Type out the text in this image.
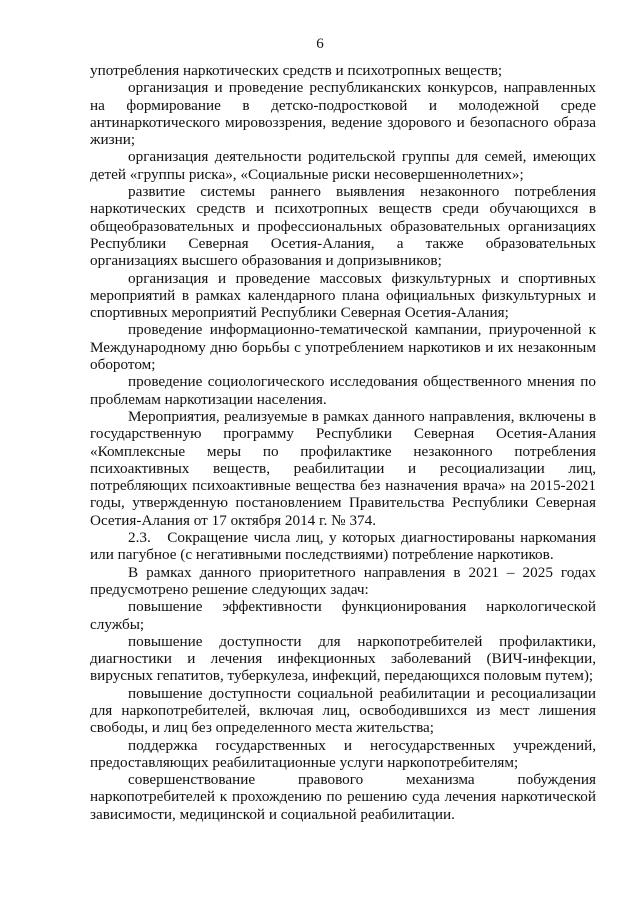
6

употребления наркотических средств и психотропных веществ;

организация и проведение республиканских конкурсов, направленных на формирование в детско-подростковой и молодежной среде антинаркотического мировоззрения, ведение здорового и безопасного образа жизни;

организация деятельности родительской группы для семей, имеющих детей «группы риска», «Социальные риски несовершеннолетних»;

развитие системы раннего выявления незаконного потребления наркотических средств и психотропных веществ среди обучающихся в общеобразовательных и профессиональных образовательных организациях Республики Северная Осетия-Алания, а также образовательных организациях высшего образования и допризывников;

организация и проведение массовых физкультурных и спортивных мероприятий в рамках календарного плана официальных физкультурных и спортивных мероприятий Республики Северная Осетия-Алания;

проведение информационно-тематической кампании, приуроченной к Международному дню борьбы с употреблением наркотиков и их незаконным оборотом;

проведение социологического исследования общественного мнения по проблемам наркотизации населения.

Мероприятия, реализуемые в рамках данного направления, включены в государственную программу Республики Северная Осетия-Алания «Комплексные меры по профилактике незаконного потребления психоактивных веществ, реабилитации и ресоциализации лиц, потребляющих психоактивные вещества без назначения врача» на 2015-2021 годы, утвержденную постановлением Правительства Республики Северная Осетия-Алания от 17 октября 2014 г. № 374.

2.3.   Сокращение числа лиц, у которых диагностированы наркомания или пагубное (с негативными последствиями) потребление наркотиков.

В рамках данного приоритетного направления в 2021 – 2025 годах предусмотрено решение следующих задач:

повышение эффективности функционирования наркологической службы;

повышение доступности для наркопотребителей профилактики, диагностики и лечения инфекционных заболеваний (ВИЧ-инфекции, вирусных гепатитов, туберкулеза, инфекций, передающихся половым путем);

повышение доступности социальной реабилитации и ресоциализации для наркопотребителей, включая лиц, освободившихся из мест лишения свободы, и лиц без определенного места жительства;

поддержка государственных и негосударственных учреждений, предоставляющих реабилитационные услуги наркопотребителям;

совершенствование правового механизма побуждения наркопотребителей к прохождению по решению суда лечения наркотической зависимости, медицинской и социальной реабилитации.
